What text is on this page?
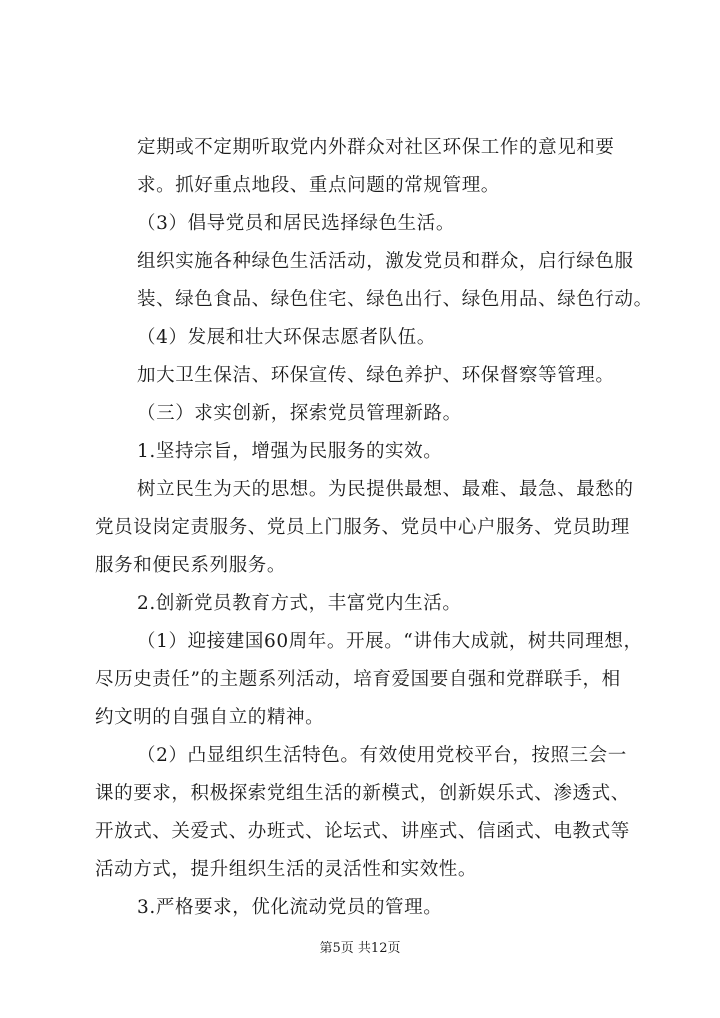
定期或不定期听取党内外群众对社区环保工作的意见和要
求。抓好重点地段、重点问题的常规管理。
（3）倡导党员和居民选择绿色生活。
组织实施各种绿色生活活动，激发党员和群众，启行绿色服
装、绿色食品、绿色住宅、绿色出行、绿色用品、绿色行动。
（4）发展和壮大环保志愿者队伍。
加大卫生保洁、环保宣传、绿色养护、环保督察等管理。
（三）求实创新，探索党员管理新路。
1.坚持宗旨，增强为民服务的实效。
树立民生为天的思想。为民提供最想、最难、最急、最愁的
党员设岗定责服务、党员上门服务、党员中心户服务、党员助理
服务和便民系列服务。
2.创新党员教育方式，丰富党内生活。
（1）迎接建国60周年。开展。“讲伟大成就，树共同理想，
尽历史责任”的主题系列活动，培育爱国要自强和党群联手，相
约文明的自强自立的精神。
（2）凸显组织生活特色。有效使用党校平台，按照三会一
课的要求，积极探索党组生活的新模式，创新娱乐式、渗透式、
开放式、关爱式、办班式、论坛式、讲座式、信函式、电教式等
活动方式，提升组织生活的灵活性和实效性。
3.严格要求，优化流动党员的管理。
第5页 共12页
